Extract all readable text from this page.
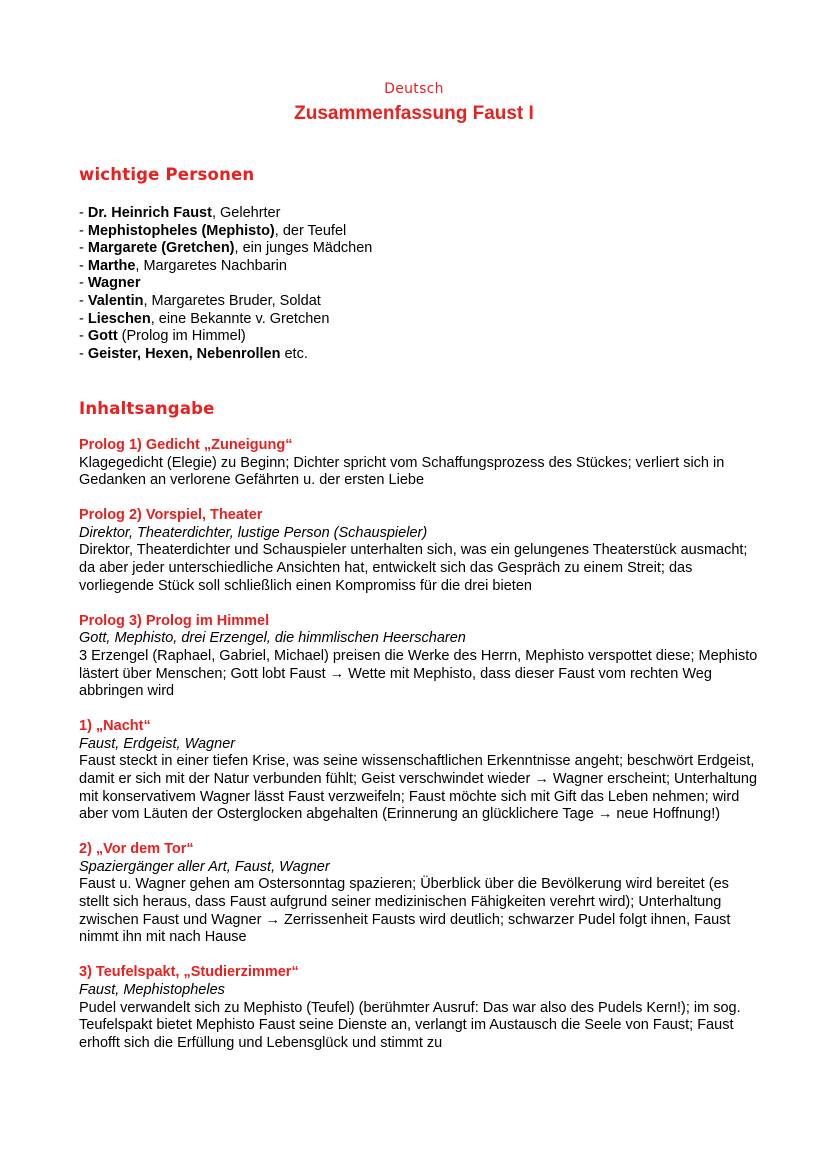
Deutsch
Zusammenfassung Faust I
wichtige Personen
- Dr. Heinrich Faust, Gelehrter
- Mephistopheles (Mephisto), der Teufel
- Margarete (Gretchen), ein junges Mädchen
- Marthe, Margaretes Nachbarin
- Wagner
- Valentin, Margaretes Bruder, Soldat
- Lieschen, eine Bekannte v. Gretchen
- Gott (Prolog im Himmel)
- Geister, Hexen, Nebenrollen etc.
Inhaltsangabe
Prolog 1) Gedicht „Zuneigung“
Klagegedicht (Elegie) zu Beginn; Dichter spricht vom Schaffungsprozess des Stückes; verliert sich in Gedanken an verlorene Gefährten u. der ersten Liebe
Prolog 2) Vorspiel, Theater
Direktor, Theaterdichter, lustige Person (Schauspieler)
Direktor, Theaterdichter und Schauspieler unterhalten sich, was ein gelungenes Theaterstück ausmacht; da aber jeder unterschiedliche Ansichten hat, entwickelt sich das Gespräch zu einem Streit; das vorliegende Stück soll schließlich einen Kompromiss für die drei bieten
Prolog 3) Prolog im Himmel
Gott, Mephisto, drei Erzengel, die himmlischen Heerscharen
3 Erzengel (Raphael, Gabriel, Michael) preisen die Werke des Herrn, Mephisto verspottet diese; Mephisto lästert über Menschen; Gott lobt Faust → Wette mit Mephisto, dass dieser Faust vom rechten Weg abbringen wird
1) „Nacht“
Faust, Erdgeist, Wagner
Faust steckt in einer tiefen Krise, was seine wissenschaftlichen Erkenntnisse angeht; beschwört Erdgeist, damit er sich mit der Natur verbunden fühlt; Geist verschwindet wieder → Wagner erscheint; Unterhaltung mit konservativem Wagner lässt Faust verzweifeln; Faust möchte sich mit Gift das Leben nehmen; wird aber vom Läuten der Osterglocken abgehalten (Erinnerung an glücklichere Tage → neue Hoffnung!)
2) „Vor dem Tor“
Spaziergänger aller Art, Faust, Wagner
Faust u. Wagner gehen am Ostersonntag spazieren; Überblick über die Bevölkerung wird bereitet (es stellt sich heraus, dass Faust aufgrund seiner medizinischen Fähigkeiten verehrt wird); Unterhaltung zwischen Faust und Wagner → Zerrissenheit Fausts wird deutlich; schwarzer Pudel folgt ihnen, Faust nimmt ihn mit nach Hause
3) Teufelspakt, „Studierzimmer“
Faust, Mephistopheles
Pudel verwandelt sich zu Mephisto (Teufel) (berühmter Ausruf: Das war also des Pudels Kern!); im sog. Teufelspakt bietet Mephisto Faust seine Dienste an, verlangt im Austausch die Seele von Faust; Faust erhofft sich die Erfüllung und Lebensglück und stimmt zu
